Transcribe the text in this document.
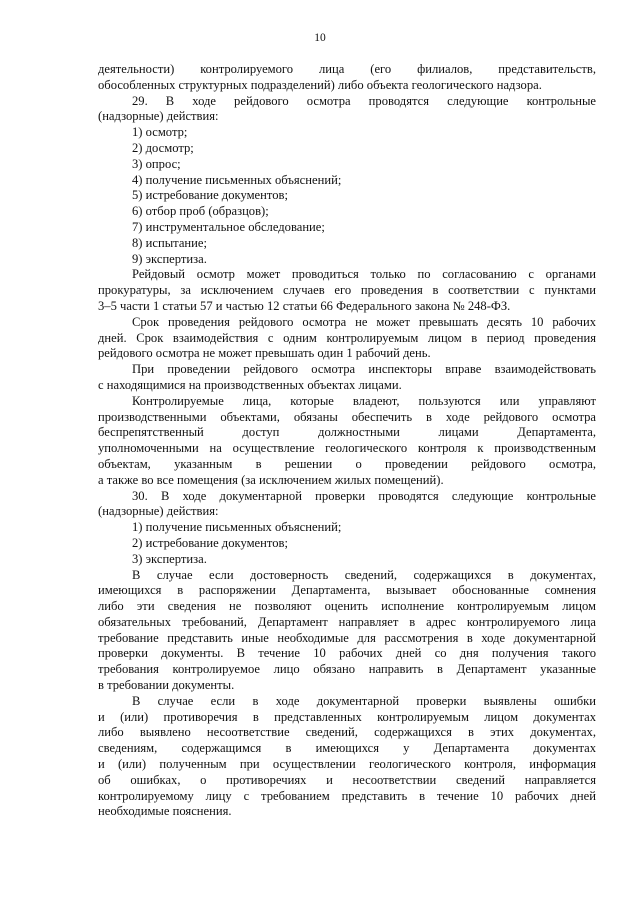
10
деятельности) контролируемого лица (его филиалов, представительств,
обособленных структурных подразделений) либо объекта геологического надзора.
29. В ходе рейдового осмотра проводятся следующие контрольные
(надзорные) действия:
1) осмотр;
2) досмотр;
3) опрос;
4) получение письменных объяснений;
5) истребование документов;
6) отбор проб (образцов);
7) инструментальное обследование;
8) испытание;
9) экспертиза.
Рейдовый осмотр может проводиться только по согласованию с органами
прокуратуры, за исключением случаев его проведения в соответствии с пунктами
3–5 части 1 статьи 57 и частью 12 статьи 66 Федерального закона № 248-ФЗ.
Срок проведения рейдового осмотра не может превышать десять 10 рабочих
дней. Срок взаимодействия с одним контролируемым лицом в период проведения
рейдового осмотра не может превышать один 1 рабочий день.
При проведении рейдового осмотра инспекторы вправе взаимодействовать
с находящимися на производственных объектах лицами.
Контролируемые лица, которые владеют, пользуются или управляют
производственными объектами, обязаны обеспечить в ходе рейдового осмотра
беспрепятственный доступ должностными лицами Департамента,
уполномоченными на осуществление геологического контроля к производственным
объектам, указанным в решении о проведении рейдового осмотра,
а также во все помещения (за исключением жилых помещений).
30. В ходе документарной проверки проводятся следующие контрольные
(надзорные) действия:
1) получение письменных объяснений;
2) истребование документов;
3) экспертиза.
В случае если достоверность сведений, содержащихся в документах,
имеющихся в распоряжении Департамента, вызывает обоснованные сомнения
либо эти сведения не позволяют оценить исполнение контролируемым лицом
обязательных требований, Департамент направляет в адрес контролируемого лица
требование представить иные необходимые для рассмотрения в ходе документарной
проверки документы. В течение 10 рабочих дней со дня получения такого
требования контролируемое лицо обязано направить в Департамент указанные
в требовании документы.
В случае если в ходе документарной проверки выявлены ошибки
и (или) противоречия в представленных контролируемым лицом документах
либо выявлено несоответствие сведений, содержащихся в этих документах,
сведениям, содержащимся в имеющихся у Департамента документах
и (или) полученным при осуществлении геологического контроля, информация
об ошибках, о противоречиях и несоответствии сведений направляется
контролируемому лицу с требованием представить в течение 10 рабочих дней
необходимые пояснения.
